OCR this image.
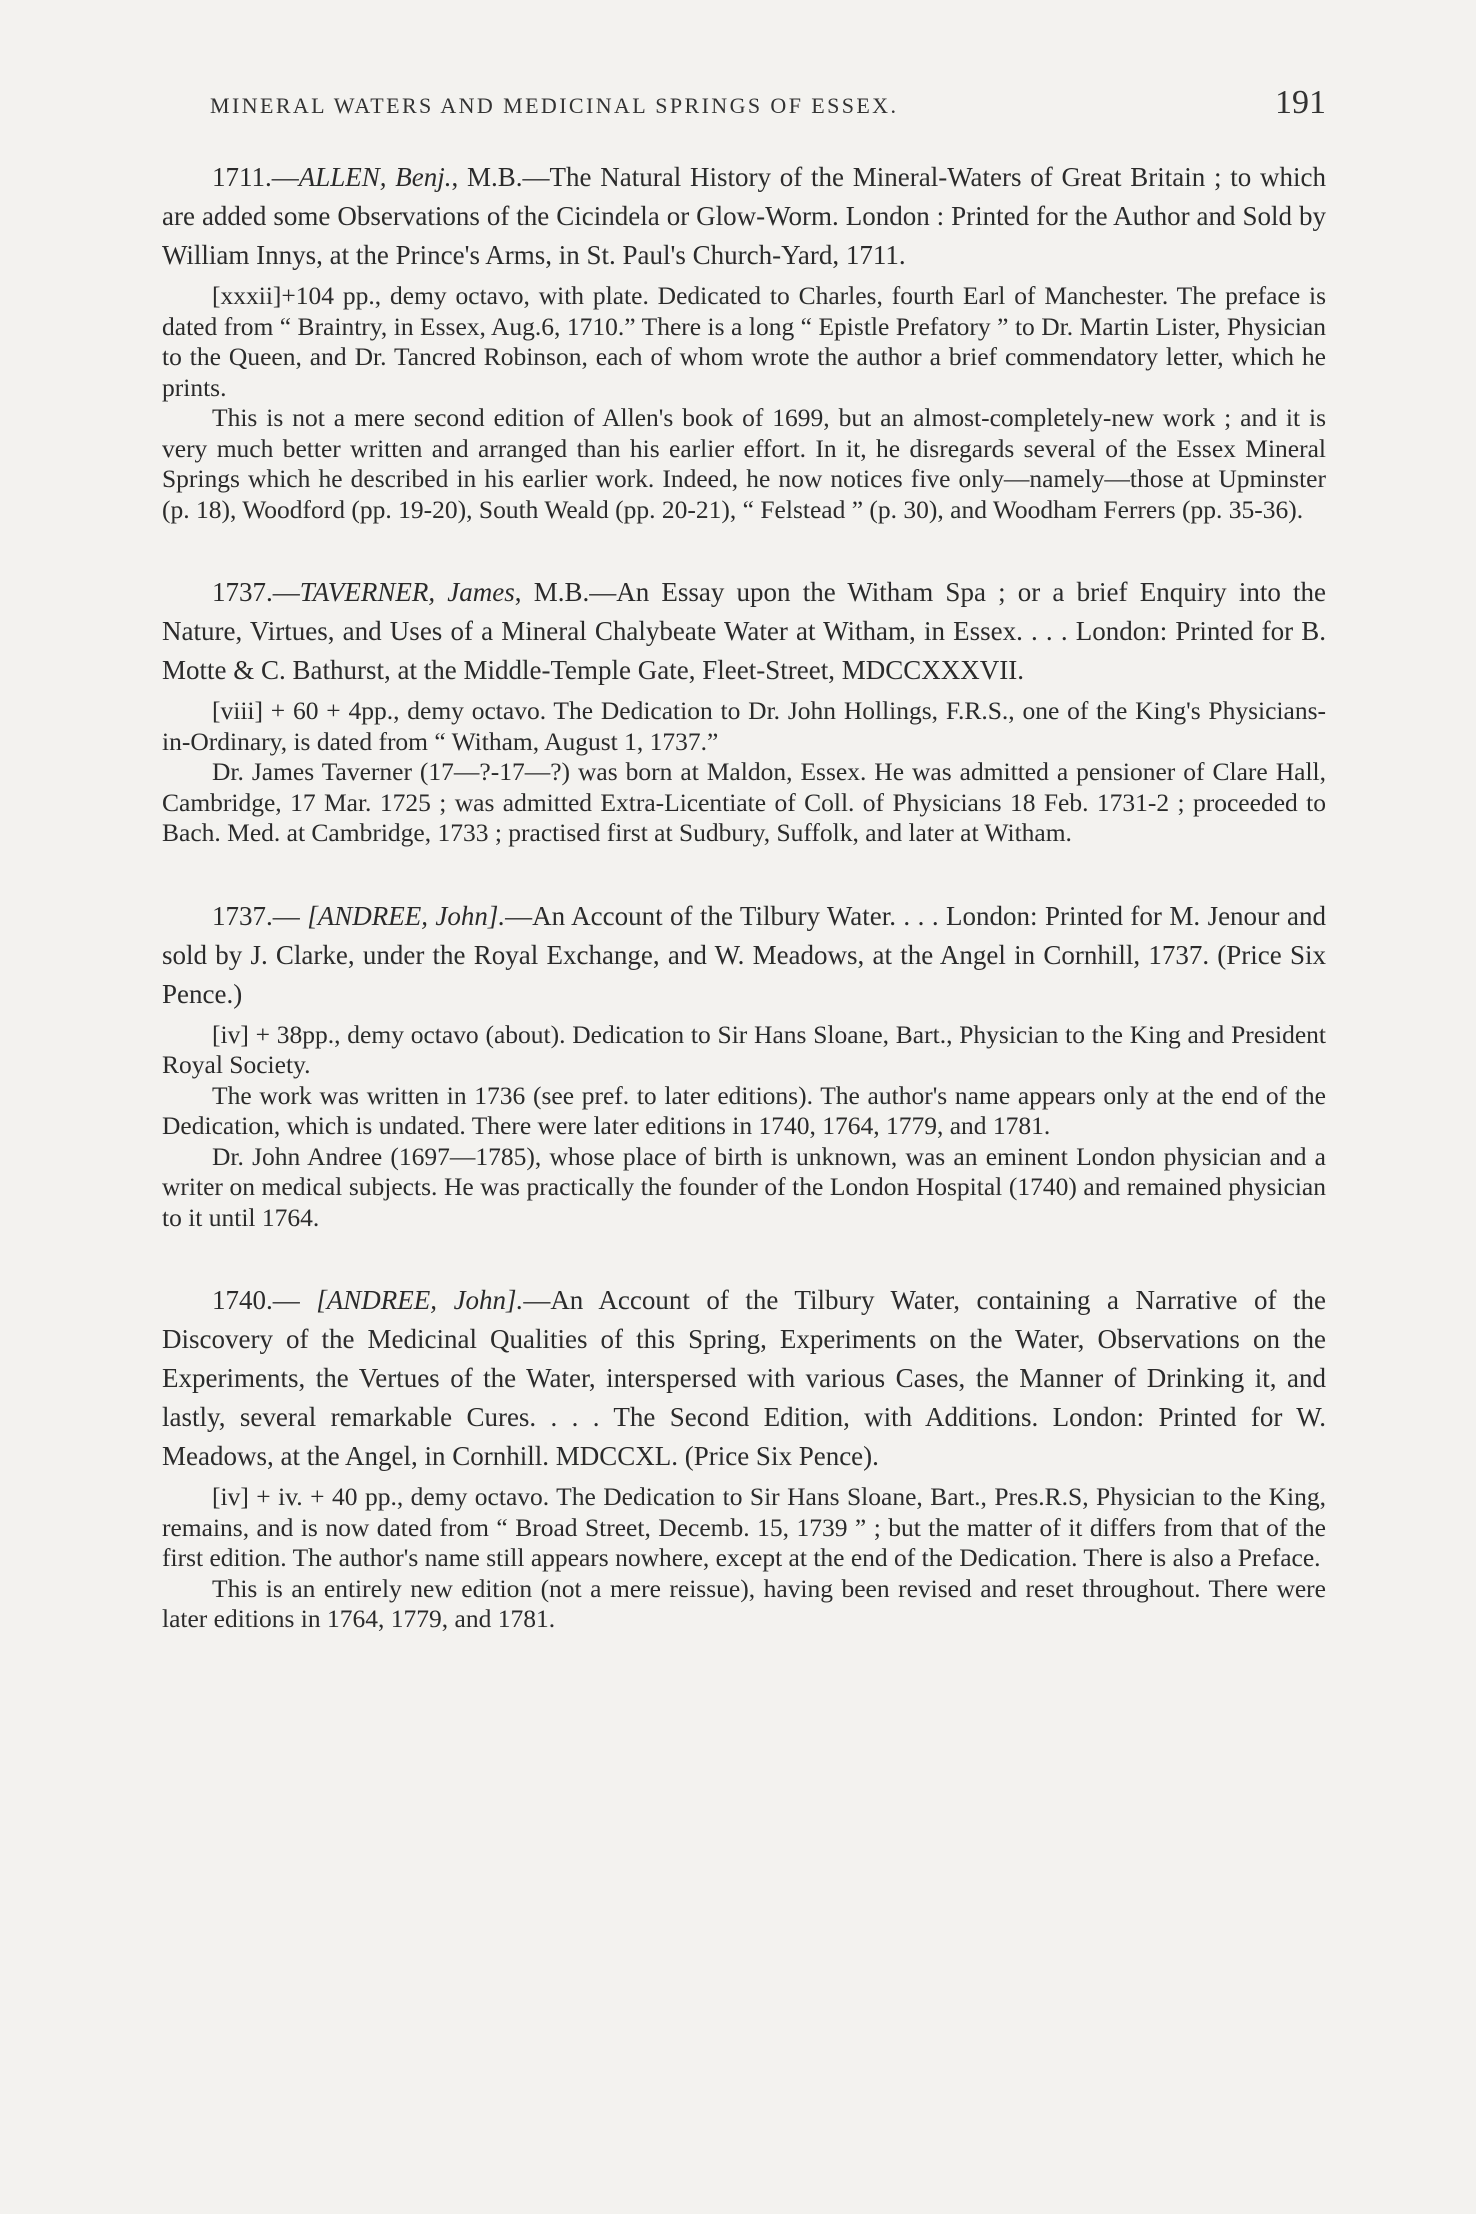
MINERAL WATERS AND MEDICINAL SPRINGS OF ESSEX.	191

1711.—ALLEN, Benj., M.B.—The Natural History of the Mineral-Waters of Great Britain ; to which are added some Observations of the Cicindela or Glow-Worm. London : Printed for the Author and Sold by William Innys, at the Prince's Arms, in St. Paul's Church-Yard, 1711.

[xxxii]+104 pp., demy octavo, with plate. Dedicated to Charles, fourth Earl of Manchester. The preface is dated from “ Braintry, in Essex, Aug.6, 1710.” There is a long “ Epistle Prefatory ” to Dr. Martin Lister, Physician to the Queen, and Dr. Tancred Robinson, each of whom wrote the author a brief commendatory letter, which he prints.

This is not a mere second edition of Allen's book of 1699, but an almost-completely-new work ; and it is very much better written and arranged than his earlier effort. In it, he disregards several of the Essex Mineral Springs which he described in his earlier work. Indeed, he now notices five only—namely—those at Upminster (p. 18), Woodford (pp. 19-20), South Weald (pp. 20-21), “ Felstead ” (p. 30), and Woodham Ferrers (pp. 35-36).

1737.—TAVERNER, James, M.B.—An Essay upon the Witham Spa ; or a brief Enquiry into the Nature, Virtues, and Uses of a Mineral Chalybeate Water at Witham, in Essex. . . . London: Printed for B. Motte & C. Bathurst, at the Middle-Temple Gate, Fleet-Street, MDCCXXXVII.

[viii] + 60 + 4pp., demy octavo. The Dedication to Dr. John Hollings, F.R.S., one of the King's Physicians-in-Ordinary, is dated from “ Witham, August 1, 1737.”

Dr. James Taverner (17—?-17—?) was born at Maldon, Essex. He was admitted a pensioner of Clare Hall, Cambridge, 17 Mar. 1725 ; was admitted Extra-Licentiate of Coll. of Physicians 18 Feb. 1731-2 ; proceeded to Bach. Med. at Cambridge, 1733 ; practised first at Sudbury, Suffolk, and later at Witham.

1737.— [ANDREE, John].—An Account of the Tilbury Water. . . . London: Printed for M. Jenour and sold by J. Clarke, under the Royal Exchange, and W. Meadows, at the Angel in Cornhill, 1737. (Price Six Pence.)

[iv] + 38pp., demy octavo (about). Dedication to Sir Hans Sloane, Bart., Physician to the King and President Royal Society.

The work was written in 1736 (see pref. to later editions). The author's name appears only at the end of the Dedication, which is undated. There were later editions in 1740, 1764, 1779, and 1781.

Dr. John Andree (1697—1785), whose place of birth is unknown, was an eminent London physician and a writer on medical subjects. He was practically the founder of the London Hospital (1740) and remained physician to it until 1764.

1740.— [ANDREE, John].—An Account of the Tilbury Water, containing a Narrative of the Discovery of the Medicinal Qualities of this Spring, Experiments on the Water, Observations on the Experiments, the Vertues of the Water, interspersed with various Cases, the Manner of Drinking it, and lastly, several remarkable Cures. . . . The Second Edition, with Additions. London: Printed for W. Meadows, at the Angel, in Cornhill. MDCCXL. (Price Six Pence).

[iv] + iv. + 40 pp., demy octavo. The Dedication to Sir Hans Sloane, Bart., Pres.R.S, Physician to the King, remains, and is now dated from “ Broad Street, Decemb. 15, 1739 ” ; but the matter of it differs from that of the first edition. The author's name still appears nowhere, except at the end of the Dedication. There is also a Preface.

This is an entirely new edition (not a mere reissue), having been revised and reset throughout. There were later editions in 1764, 1779, and 1781.
